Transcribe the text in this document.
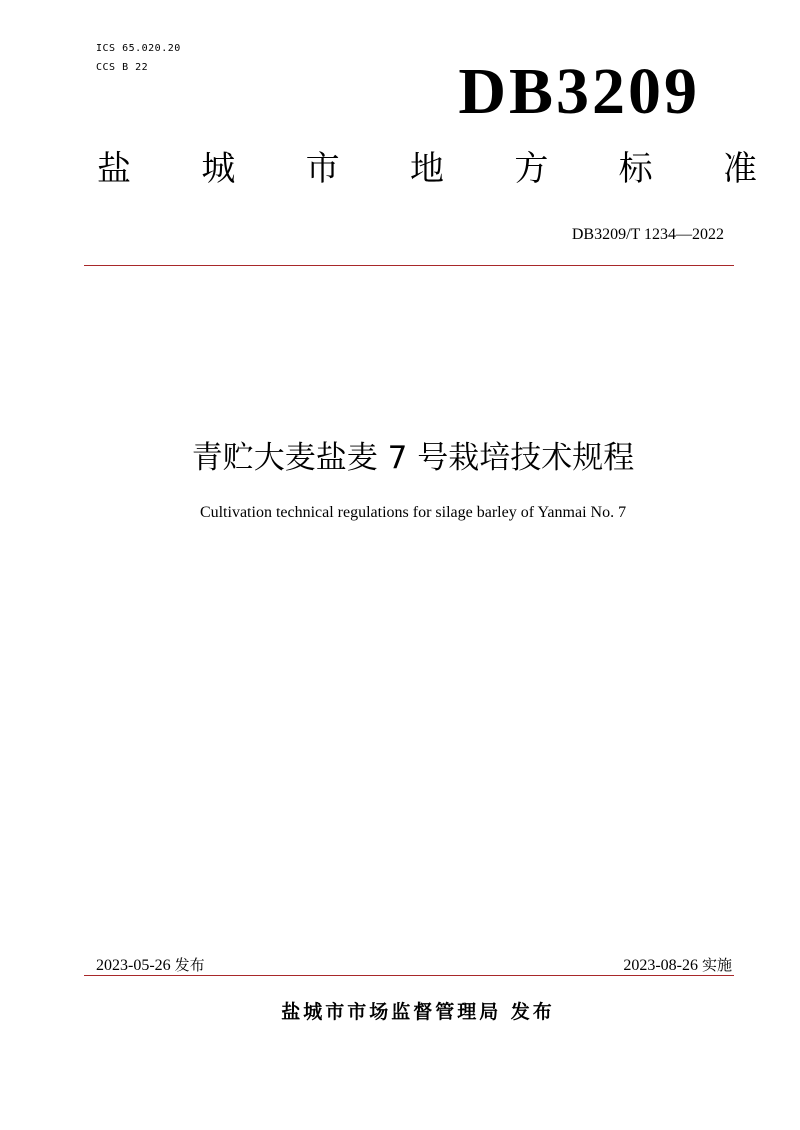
ICS 65.020.20
CCS B 22	DB3209
盐 城 市 地 方 标 准
DB3209/T 1234—2022
青贮大麦盐麦 7 号栽培技术规程
Cultivation technical regulations for silage barley of Yanmai No. 7
2023-05-26 发布	2023-08-26 实施
盐城市市场监督管理局 发布
